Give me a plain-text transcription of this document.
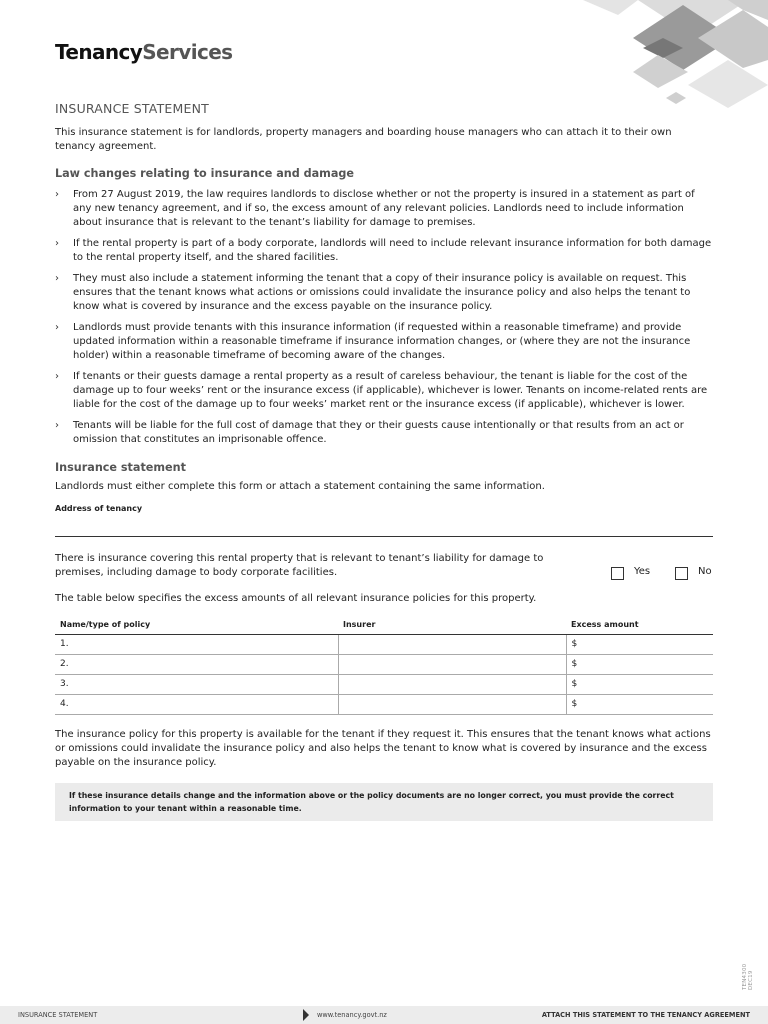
TenancyServices
INSURANCE STATEMENT

This insurance statement is for landlords, property managers and boarding house managers who can attach it to their own tenancy agreement.

Law changes relating to insurance and damage
› From 27 August 2019, the law requires landlords to disclose whether or not the property is insured in a statement as part of any new tenancy agreement, and if so, the excess amount of any relevant policies. Landlords need to include information about insurance that is relevant to the tenant’s liability for damage to premises.
› If the rental property is part of a body corporate, landlords will need to include relevant insurance information for both damage to the rental property itself, and the shared facilities.
› They must also include a statement informing the tenant that a copy of their insurance policy is available on request. This ensures that the tenant knows what actions or omissions could invalidate the insurance policy and also helps the tenant to know what is covered by insurance and the excess payable on the insurance policy.
› Landlords must provide tenants with this insurance information (if requested within a reasonable timeframe) and provide updated information within a reasonable timeframe if insurance information changes, or (where they are not the insurance holder) within a reasonable timeframe of becoming aware of the changes.
› If tenants or their guests damage a rental property as a result of careless behaviour, the tenant is liable for the cost of the damage up to four weeks’ rent or the insurance excess (if applicable), whichever is lower. Tenants on income-related rents are liable for the cost of the damage up to four weeks’ market rent or the insurance excess (if applicable), whichever is lower.
› Tenants will be liable for the full cost of damage that they or their guests cause intentionally or that results from an act or omission that constitutes an imprisonable offence.
Insurance statement

Landlords must either complete this form or attach a statement containing the same information.

Address of tenancy

There is insurance covering this rental property that is relevant to tenant’s liability for damage to premises, including damage to body corporate facilities.	Yes	No

The table below specifies the excess amounts of all relevant insurance policies for this property.

Name/type of policy	Insurer	Excess amount
1.		$
2.		$
3.		$
4.		$

The insurance policy for this property is available for the tenant if they request it. This ensures that the tenant knows what actions or omissions could invalidate the insurance policy and also helps the tenant to know what is covered by insurance and the excess payable on the insurance policy.

If these insurance details change and the information above or the policy documents are no longer correct, you must provide the correct information to your tenant within a reasonable time.
TEN4300 DEC19
INSURANCE STATEMENT	www.tenancy.govt.nz	ATTACH THIS STATEMENT TO THE TENANCY AGREEMENT
